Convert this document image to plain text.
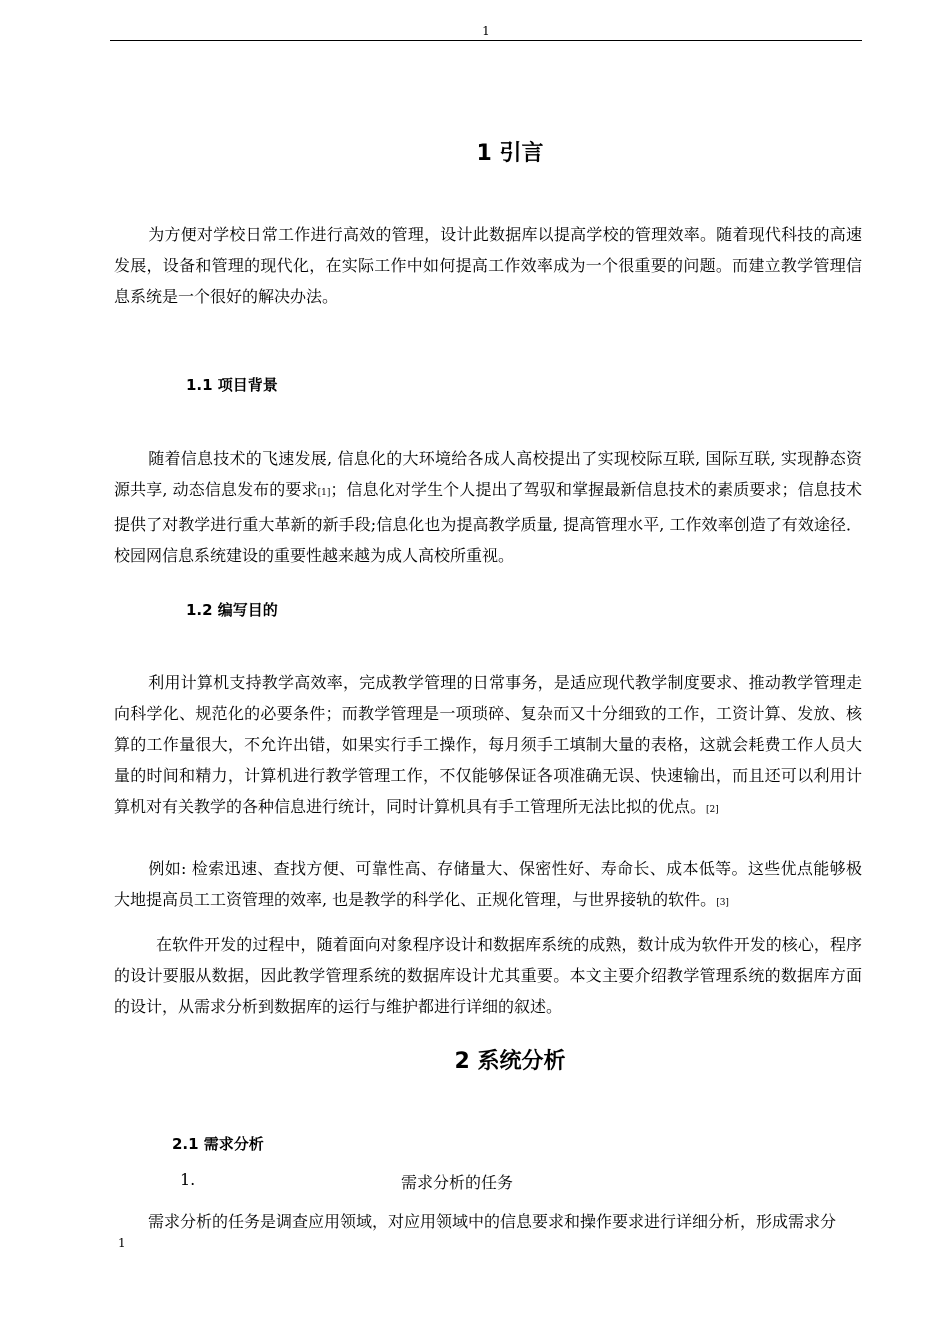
1
1 引言

为方便对学校日常工作进行高效的管理，设计此数据库以提高学校的管理效率。随着现代科技的高速发展，设备和管理的现代化，在实际工作中如何提高工作效率成为一个很重要的问题。而建立教学管理信息系统是一个很好的解决办法。

1.1 项目背景

随着信息技术的飞速发展, 信息化的大环境给各成人高校提出了实现校际互联, 国际互联, 实现静态资源共享, 动态信息发布的要求[1]；信息化对学生个人提出了驾驭和掌握最新信息技术的素质要求；信息技术提供了对教学进行重大革新的新手段;信息化也为提高教学质量, 提高管理水平, 工作效率创造了有效途径．校园网信息系统建设的重要性越来越为成人高校所重视。

1.2 编写目的

利用计算机支持教学高效率，完成教学管理的日常事务，是适应现代教学制度要求、推动教学管理走向科学化、规范化的必要条件；而教学管理是一项琐碎、复杂而又十分细致的工作，工资计算、发放、核算的工作量很大，不允许出错，如果实行手工操作，每月须手工填制大量的表格，这就会耗费工作人员大量的时间和精力，计算机进行教学管理工作，不仅能够保证各项准确无误、快速输出，而且还可以利用计算机对有关教学的各种信息进行统计，同时计算机具有手工管理所无法比拟的优点。[2]

例如: 检索迅速、查找方便、可靠性高、存储量大、保密性好、寿命长、成本低等。这些优点能够极大地提高员工工资管理的效率, 也是教学的科学化、正规化管理，与世界接轨的软件。[3]

在软件开发的过程中，随着面向对象程序设计和数据库系统的成熟，数计成为软件开发的核心，程序的设计要服从数据，因此教学管理系统的数据库设计尤其重要。本文主要介绍教学管理系统的数据库方面的设计，从需求分析到数据库的运行与维护都进行详细的叙述。

2 系统分析
2.1 需求分析
1.	需求分析的任务

需求分析的任务是调查应用领域，对应用领域中的信息要求和操作要求进行详细分析，形成需求分

1
